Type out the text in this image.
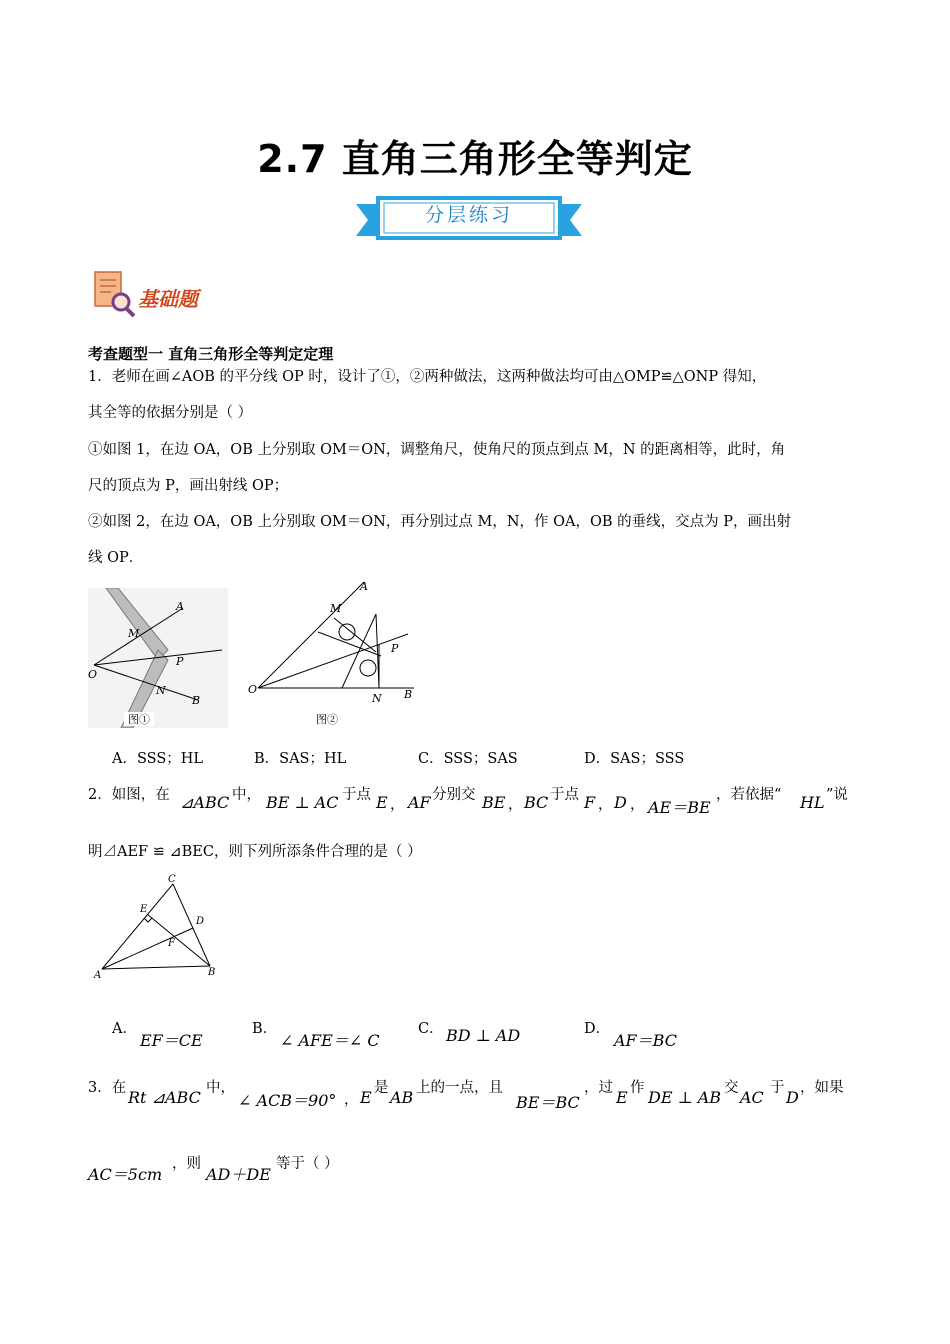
2.7 直角三角形全等判定
分层练习
基础题
考查题型一 直角三角形全等判定定理
1．老师在画∠AOB 的平分线 OP 时，设计了①，②两种做法，这两种做法均可由△OMP≌△ONP 得知，
其全等的依据分别是（ ）
①如图 1，在边 OA，OB 上分别取 OM＝ON，调整角尺，使角尺的顶点到点 M，N 的距离相等，此时，角
尺的顶点为 P，画出射线 OP；
②如图 2，在边 OA，OB 上分别取 OM＝ON，再分别过点 M，N，作 OA，OB 的垂线，交点为 P，画出射
线 OP．
A
M
O
P
N
B
图①
A
M
O
P
N B
图②
A．SSS；HL	B．SAS；HL	C．SSS；SAS	D．SAS；SSS
2．如图，在 ⊿ABC 中， BE ⊥ AC 于点 E ， AF 分别交 BE ， BC 于点 F ， D ， AE＝BE
，若依据“ HL ”说
明⊿AEF ≌ ⊿BEC，则下列所添条件合理的是（ ）
C
E
D
F
A	B
A．
EF＝CE
B．
∠ AFE＝∠ C
C． BD ⊥ AD	D．
AF＝BC
3．在 Rt ⊿ABC 中，
∠ ACB＝90° ， E 是 AB 上的一点，且
BE＝BC
，过 E 作 DE ⊥ AB 交 AC 于 D ，如果
AC＝5cm
，则
AD＋DE
等于（ ）
